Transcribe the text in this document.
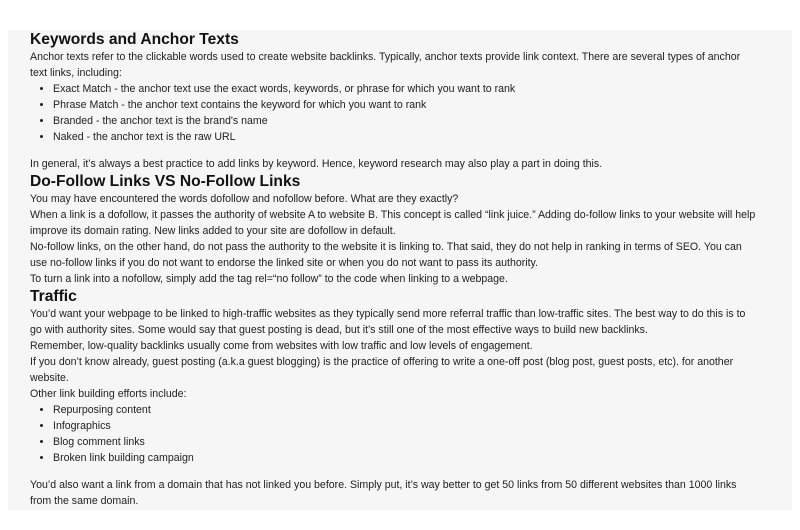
Keywords and Anchor Texts

Anchor texts refer to the clickable words used to create website backlinks. Typically, anchor texts provide link context. There are several types of anchor text links, including:

• Exact Match - the anchor text use the exact words, keywords, or phrase for which you want to rank
• Phrase Match - the anchor text contains the keyword for which you want to rank
• Branded - the anchor text is the brand's name
• Naked - the anchor text is the raw URL

In general, it’s always a best practice to add links by keyword. Hence, keyword research may also play a part in doing this.

Do-Follow Links VS No-Follow Links

You may have encountered the words dofollow and nofollow before. What are they exactly?

When a link is a dofollow, it passes the authority of website A to website B. This concept is called “link juice.” Adding do-follow links to your website will help improve its domain rating. New links added to your site are dofollow in default.

No-follow links, on the other hand, do not pass the authority to the website it is linking to. That said, they do not help in ranking in terms of SEO. You can use no-follow links if you do not want to endorse the linked site or when you do not want to pass its authority.

To turn a link into a nofollow, simply add the tag rel=“no follow” to the code when linking to a webpage.

Traffic

You’d want your webpage to be linked to high-traffic websites as they typically send more referral traffic than low-traffic sites. The best way to do this is to go with authority sites. Some would say that guest posting is dead, but it’s still one of the most effective ways to build new backlinks.

Remember, low-quality backlinks usually come from websites with low traffic and low levels of engagement.

If you don’t know already, guest posting (a.k.a guest blogging) is the practice of offering to write a one-off post (blog post, guest posts, etc). for another website.

Other link building efforts include:

• Repurposing content
• Infographics
• Blog comment links
• Broken link building campaign

You’d also want a link from a domain that has not linked you before. Simply put, it’s way better to get 50 links from 50 different websites than 1000 links from the same domain.
